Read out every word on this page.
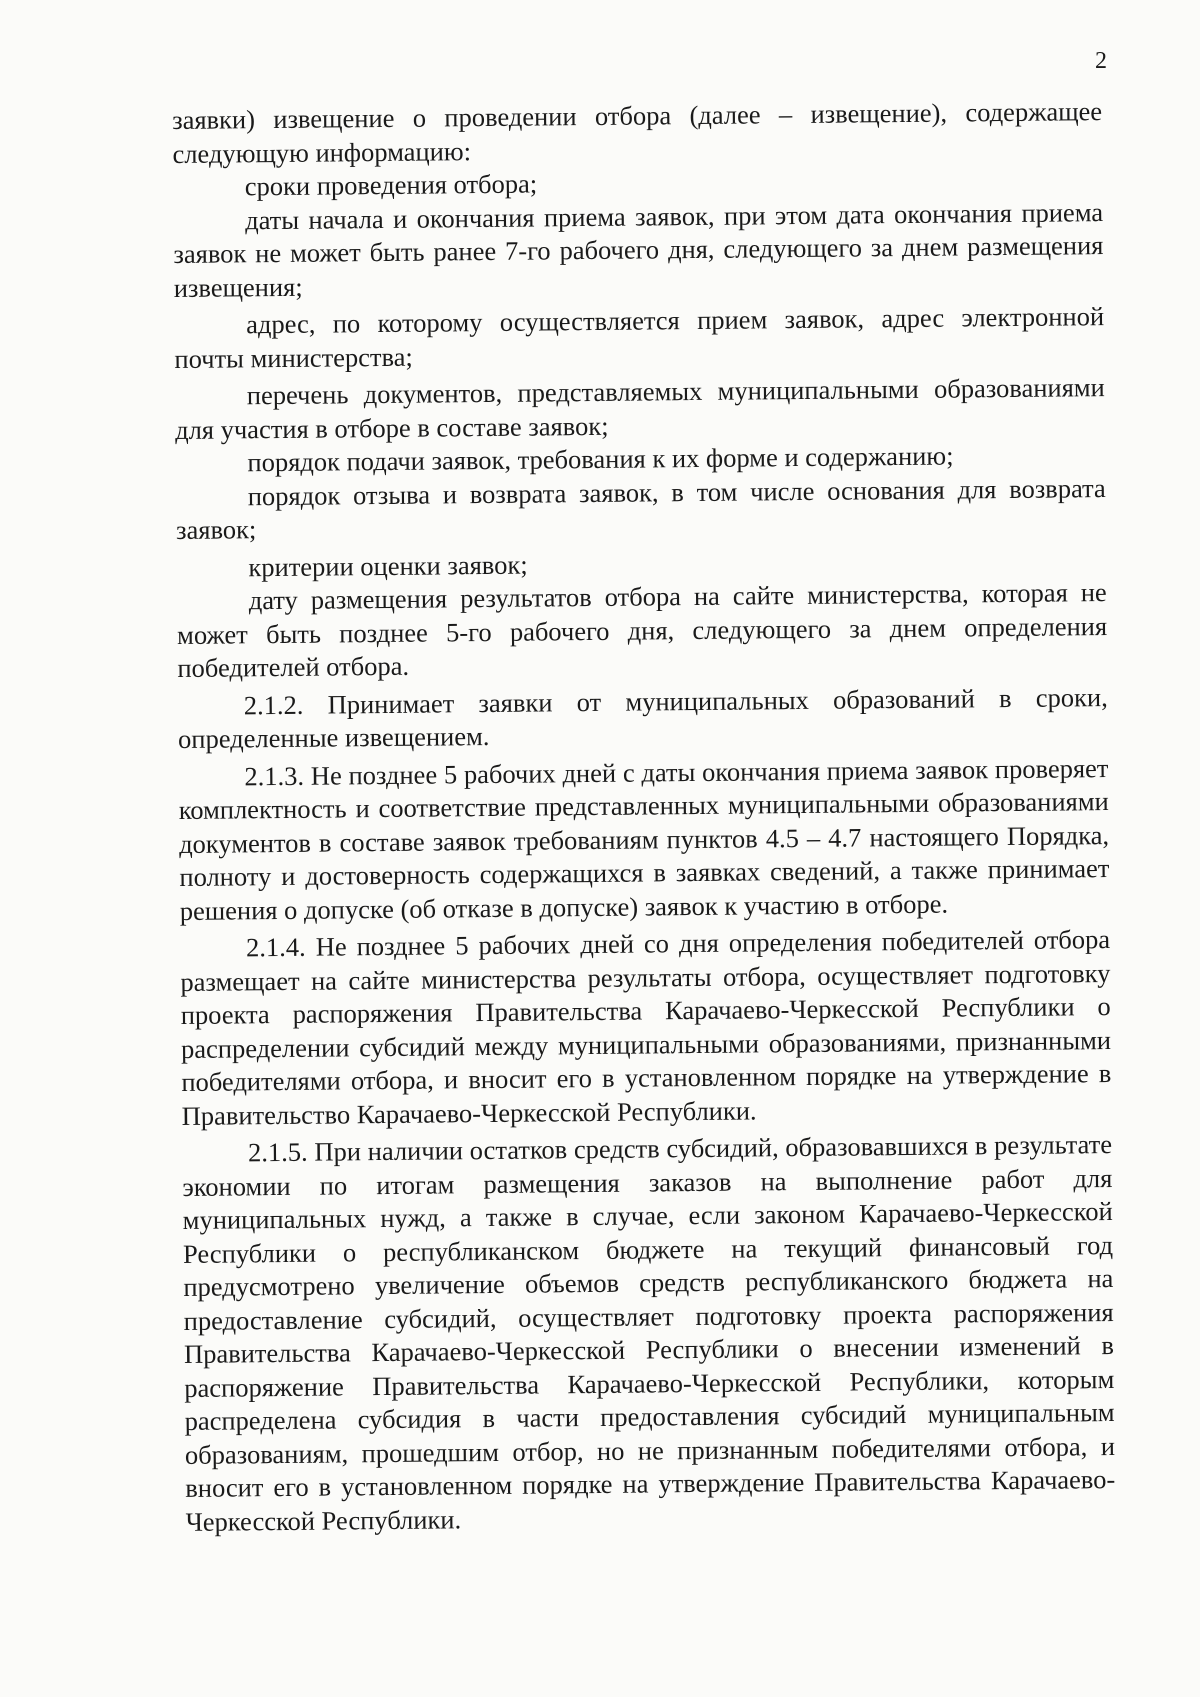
2

заявки) извещение о проведении отбора (далее – извещение), содержащее следующую информацию:

сроки проведения отбора;

даты начала и окончания приема заявок, при этом дата окончания приема заявок не может быть ранее 7-го рабочего дня, следующего за днем размещения извещения;

адрес, по которому осуществляется прием заявок, адрес электронной почты министерства;

перечень документов, представляемых муниципальными образованиями для участия в отборе в составе заявок;

порядок подачи заявок, требования к их форме и содержанию;

порядок отзыва и возврата заявок, в том числе основания для возврата заявок;

критерии оценки заявок;

дату размещения результатов отбора на сайте министерства, которая не может быть позднее 5-го рабочего дня, следующего за днем определения победителей отбора.

2.1.2. Принимает заявки от муниципальных образований в сроки, определенные извещением.

2.1.3. Не позднее 5 рабочих дней с даты окончания приема заявок проверяет комплектность и соответствие представленных муниципальными образованиями документов в составе заявок требованиям пунктов 4.5 – 4.7 настоящего Порядка, полноту и достоверность содержащихся в заявках сведений, а также принимает решения о допуске (об отказе в допуске) заявок к участию в отборе.

2.1.4. Не позднее 5 рабочих дней со дня определения победителей отбора размещает на сайте министерства результаты отбора, осуществляет подготовку проекта распоряжения Правительства Карачаево-Черкесской Республики о распределении субсидий между муниципальными образованиями, признанными победителями отбора, и вносит его в установленном порядке на утверждение в Правительство Карачаево-Черкесской Республики.

2.1.5. При наличии остатков средств субсидий, образовавшихся в результате экономии по итогам размещения заказов на выполнение работ для муниципальных нужд, а также в случае, если законом Карачаево-Черкесской Республики о республиканском бюджете на текущий финансовый год предусмотрено увеличение объемов средств республиканского бюджета на предоставление субсидий, осуществляет подготовку проекта распоряжения Правительства Карачаево-Черкесской Республики о внесении изменений в распоряжение Правительства Карачаево-Черкесской Республики, которым распределена субсидия в части предоставления субсидий муниципальным образованиям, прошедшим отбор, но не признанным победителями отбора, и вносит его в установленном порядке на утверждение Правительства Карачаево-Черкесской Республики.
